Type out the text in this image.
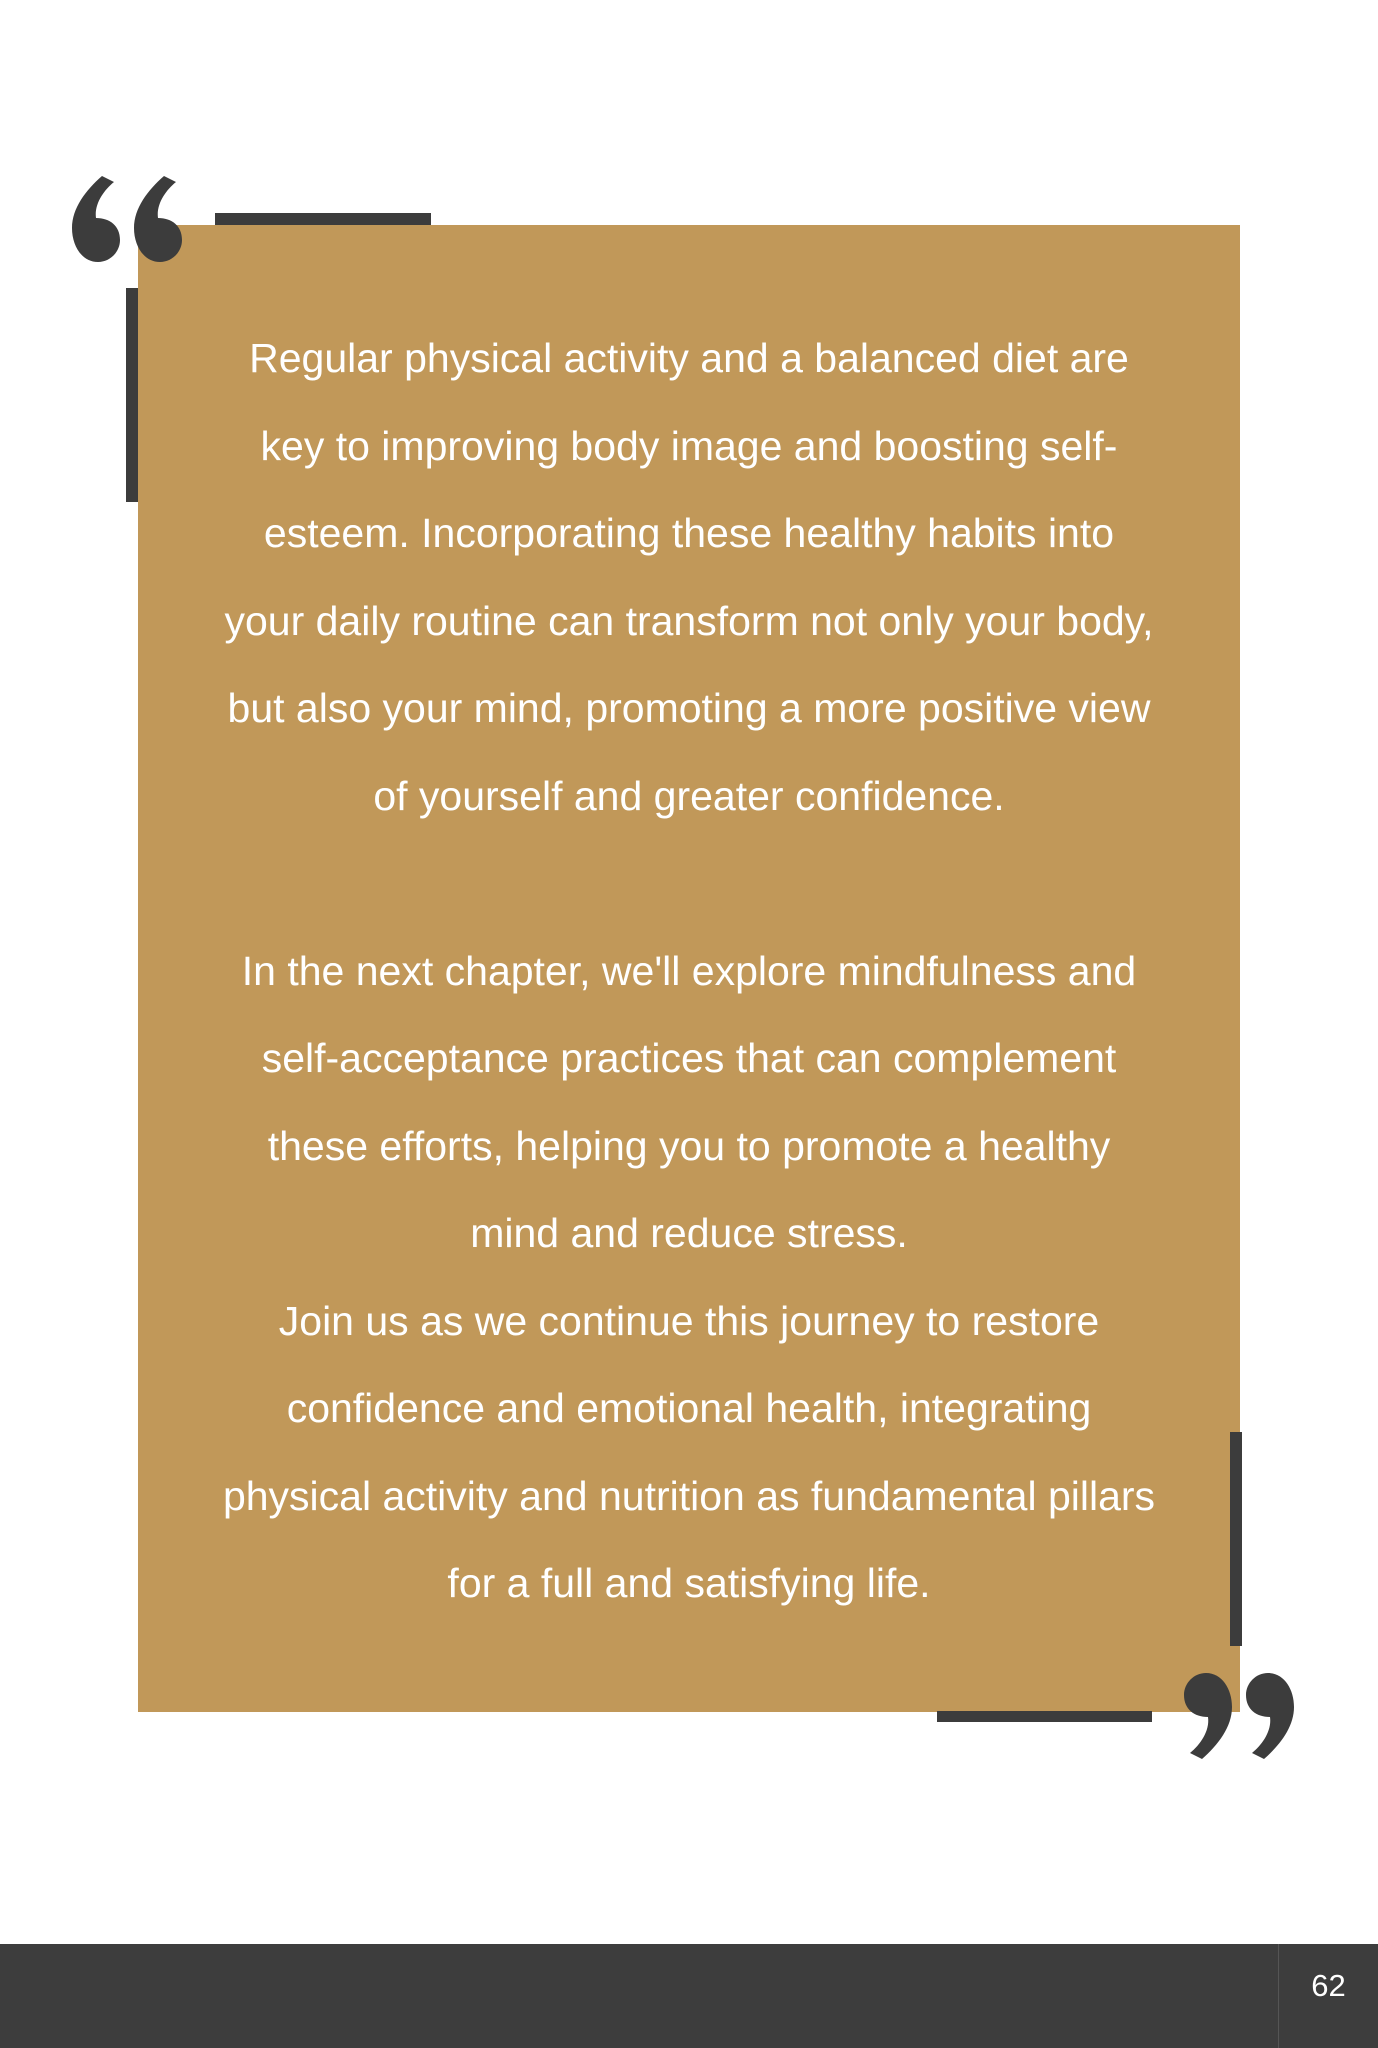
Regular physical activity and a balanced diet are

key to improving body image and boosting self-

esteem. Incorporating these healthy habits into

your daily routine can transform not only your body,

but also your mind, promoting a more positive view

of yourself and greater confidence.

In the next chapter, we'll explore mindfulness and

self-acceptance practices that can complement

these efforts, helping you to promote a healthy

mind and reduce stress.

Join us as we continue this journey to restore

confidence and emotional health, integrating

physical activity and nutrition as fundamental pillars

for a full and satisfying life.

62
